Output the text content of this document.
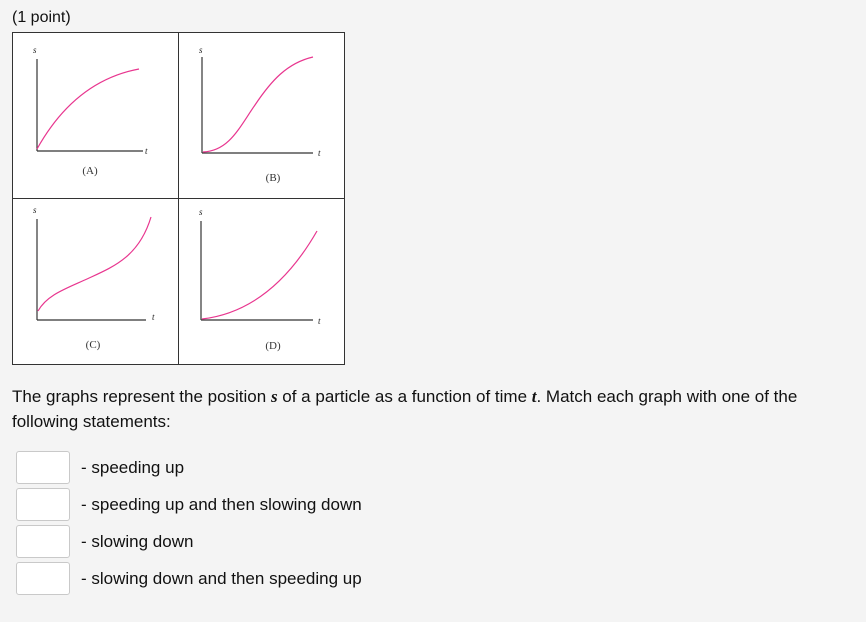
(1 point)
s
t
(A)
s
t
(B)
s
t
(C)
s
t
(D)
The graphs represent the position s of a particle as a function of time t. Match each graph with one of the following statements:
- speeding up
- speeding up and then slowing down
- slowing down
- slowing down and then speeding up
